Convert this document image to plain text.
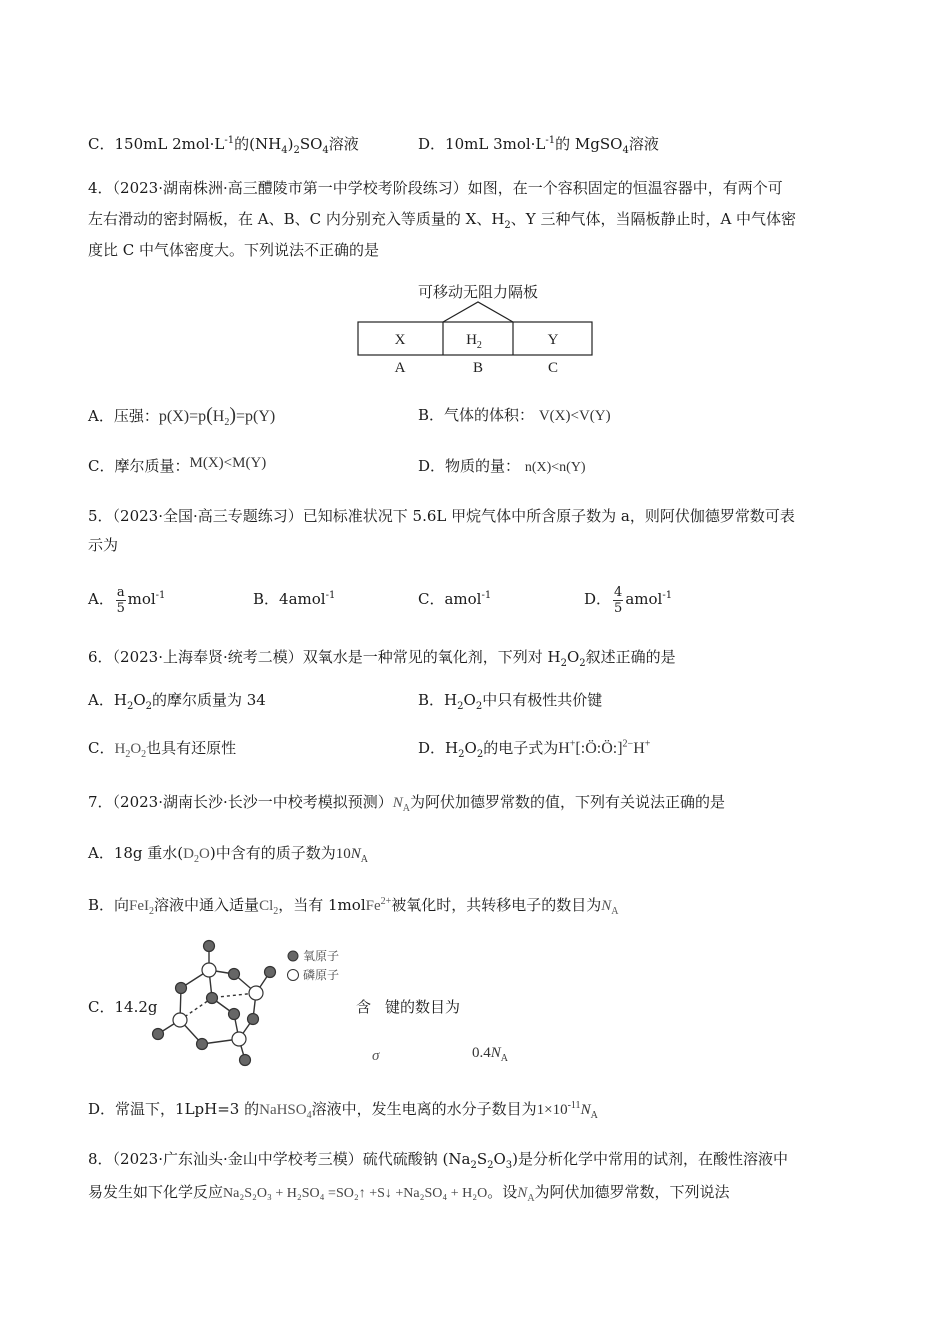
C．150mL $2mol\cdot L^{-1}$的$(NH_4)_2SO_4$溶液	D．10mL $3mol\cdot L^{-1}$的 MgSO$_4$溶液
4．（2023·湖南株洲·高三醴陵市第一中学校考阶段练习）如图，在一个容积固定的恒温容器中，有两个可
左右滑动的密封隔板，在 A、B、C 内分别充入等质量的 X、$H_2$、Y 三种气体，当隔板静止时，A 中气体密
度比 C 中气体密度大。下列说法不正确的是
可移动无阻力隔板
X	$H_2$	Y
A	B	C
A．压强：$p(X)=p(H_2)=p(Y)$	B．气体的体积： V(X)<V(Y)
C．摩尔质量：M(X)<M(Y)	D．物质的量： n(X)<n(Y)
5．（2023·全国·高三专题练习）已知标准状况下 5.6L 甲烷气体中所含原子数为 a，则阿伏伽德罗常数可表
示为
A． $\frac{a}{5} mol^{-1}$	B．4amol$^{-1}$	C．amol$^{-1}$	D． $\frac{4}{5}$ amol$^{-1}$
6．（2023·上海奉贤·统考二模）双氧水是一种常见的氧化剂，下列对 $H_2O_2$叙述正确的是
A．$H_2O_2$的摩尔质量为 34	B．$H_2O_2$中只有极性共价键
C．$H_2O_2$也具有还原性	D．$H_2O_2$的电子式为H+[:Ö:Ö:]$^{2-}$H+
7．（2023·湖南长沙·长沙一中校考模拟预测）$N_A$为阿伏加德罗常数的值，下列有关说法正确的是
A．18g 重水$(D_2O)$中含有的质子数为$10N_A$
B．向FeI$_2$溶液中通入适量$Cl_2$，当有 1molFe$^{2+}$被氧化时，共转移电子的数目为$N_A$
C．14.2g
氧原子
磷原子
含 键的数目为
σ	$0.4N_A$
D．常温下，1LpH=3 的NaHSO$_4$溶液中，发生电离的水分子数目为$1\times 10^{-11}N_A$
8．（2023·广东汕头·金山中学校考三模）硫代硫酸钠 $(Na_2S_2O_3)$是分析化学中常用的试剂，在酸性溶液中
易发生如下化学反应Na₂S₂O₃ + H₂SO₄ =SO₂↑ +S↓ +Na₂SO₄ + H₂O。设$N_A$为阿伏加德罗常数，下列说法
